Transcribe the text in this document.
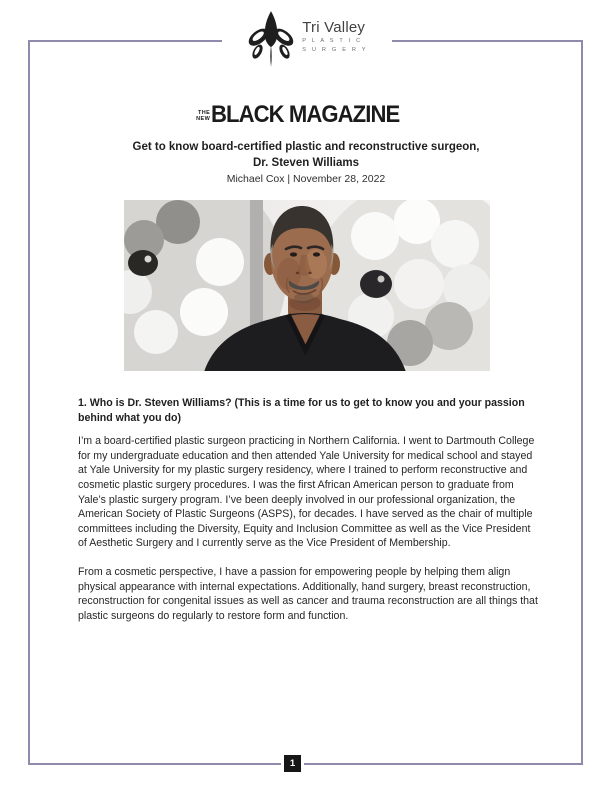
Tri Valley
P L A S T I C
S U R G E R Y
THE
NEW BLACK MAGAZINE
Get to know board-certified plastic and reconstructive surgeon,
Dr. Steven Williams
Michael Cox | November 28, 2022
1. Who is Dr. Steven Williams? (This is a time for us to get to know you and your passion behind what you do)

I’m a board-certified plastic surgeon practicing in Northern California. I went to Dartmouth College for my undergraduate education and then attended Yale University for medical school and stayed at Yale University for my plastic surgery residency, where I trained to perform reconstructive and cosmetic plastic surgery procedures. I was the first African American person to graduate from Yale’s plastic surgery program. I’ve been deeply involved in our professional organization, the American Society of Plastic Surgeons (ASPS), for decades. I have served as the chair of multiple committees including the Diversity, Equity and Inclusion Committee as well as the Vice President of Aesthetic Surgery and I currently serve as the Vice President of Membership.

From a cosmetic perspective, I have a passion for empowering people by helping them align physical appearance with internal expectations. Additionally, hand surgery, breast reconstruction, reconstruction for congenital issues as well as cancer and trauma reconstruction are all things that plastic surgeons do regularly to restore form and function.

1
